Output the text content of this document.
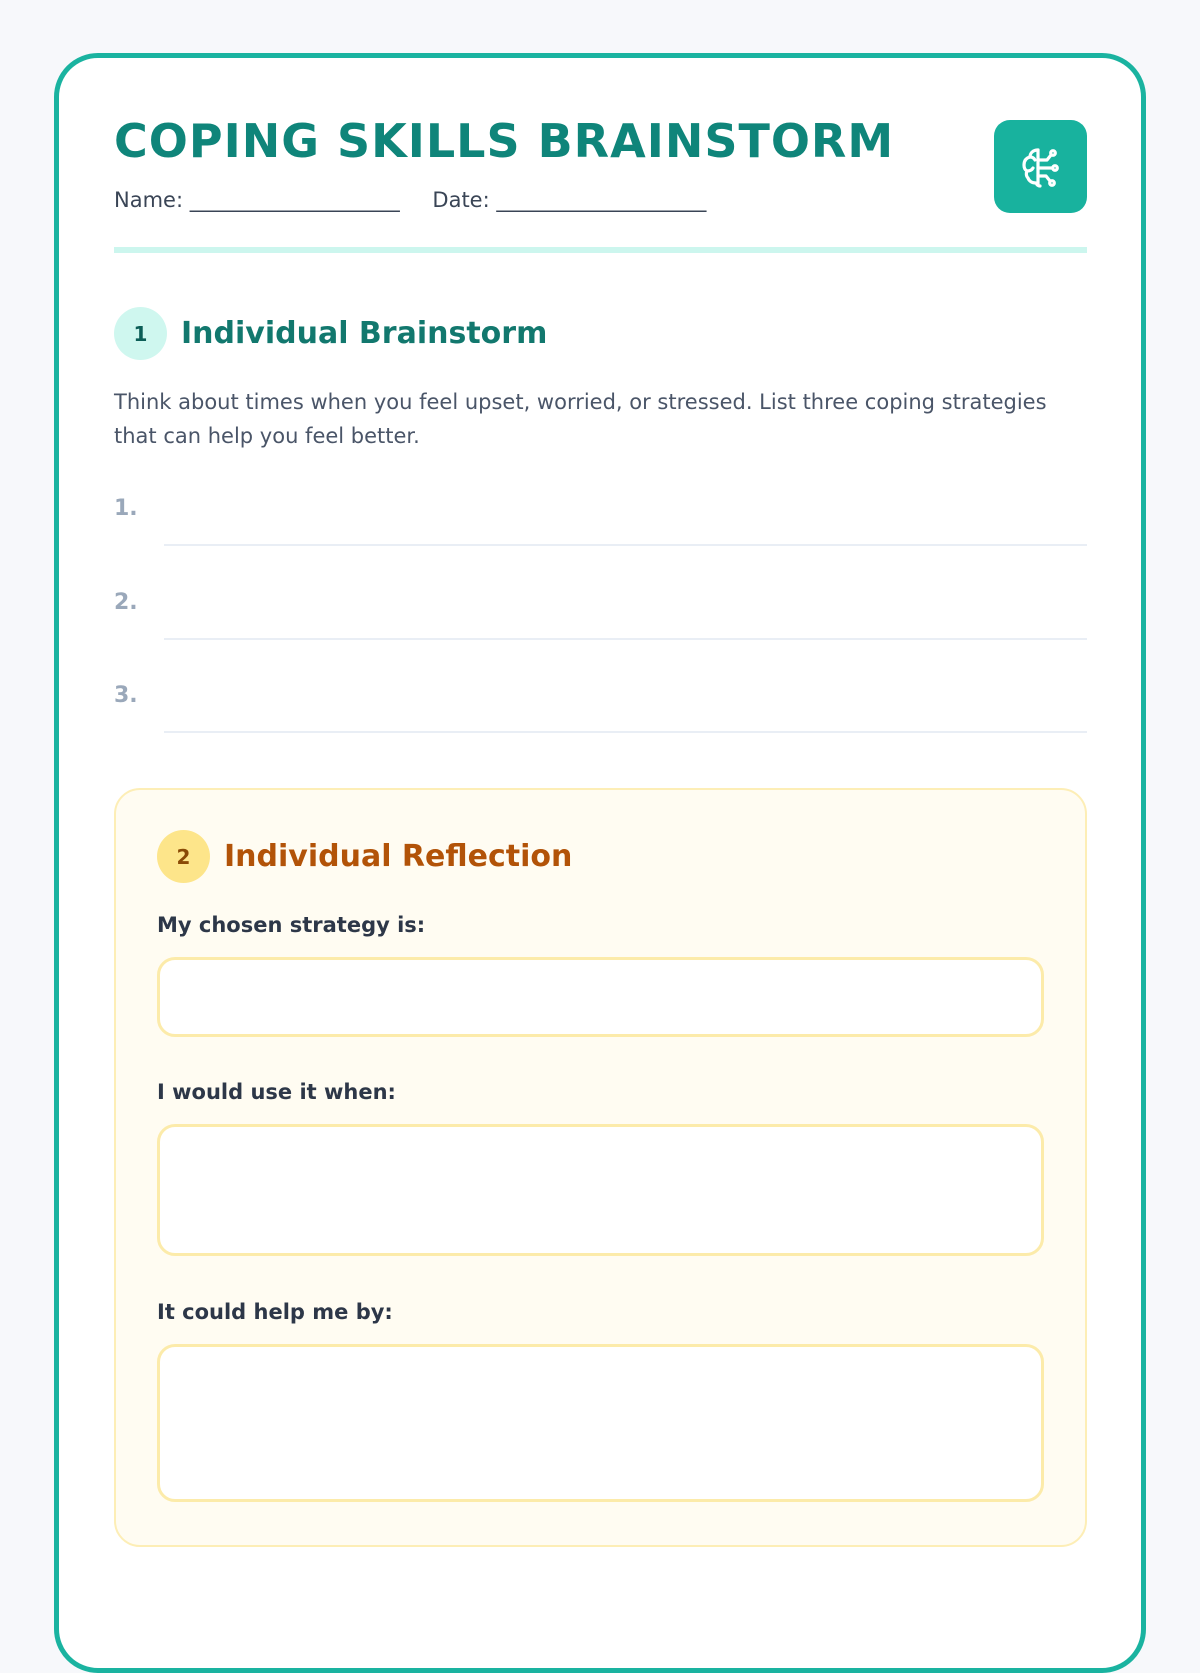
COPING SKILLS BRAINSTORM
Name: ____________________ Date: ____________________
1	Individual Brainstorm

Think about times when you feel upset, worried, or stressed. List three coping strategies that can help you feel better.

1.
2.
3.
2	Individual Reflection
My chosen strategy is:
I would use it when:
It could help me by:
